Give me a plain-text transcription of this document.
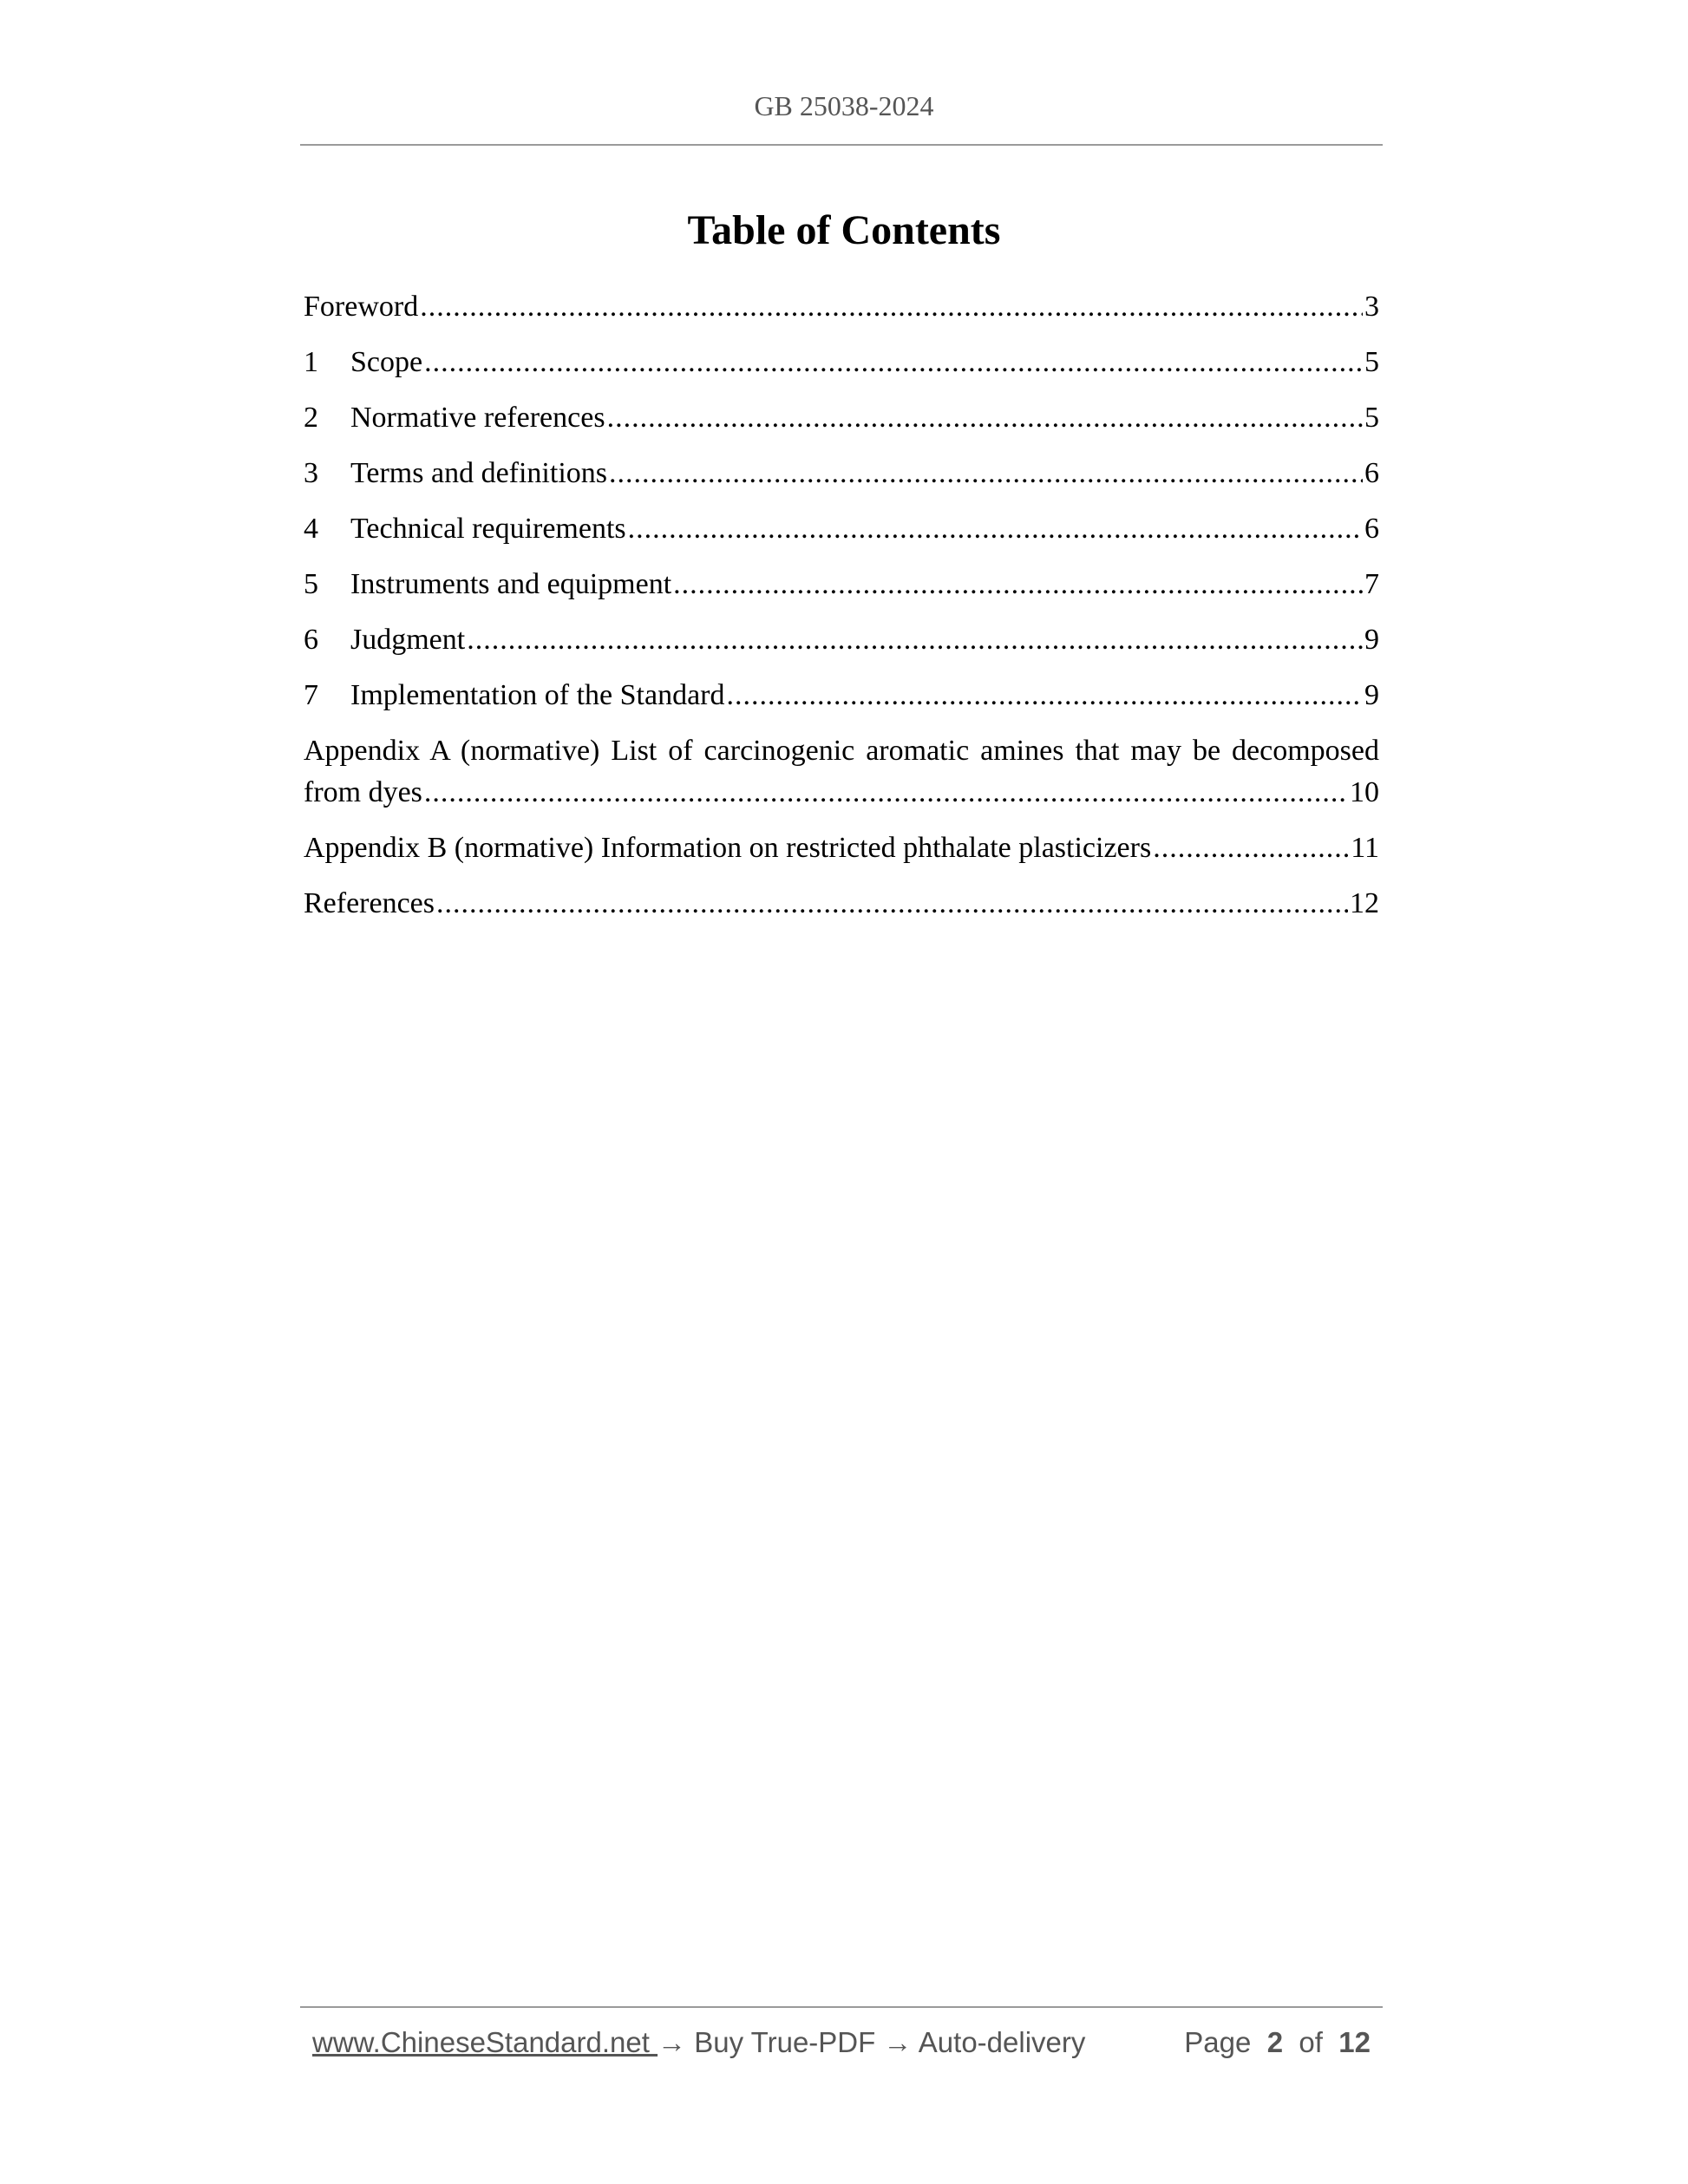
GB 25038-2024
Table of Contents
Foreword .....	3
1	Scope .....	5
2	Normative references .....	5
3	Terms and definitions .....	6
4	Technical requirements .....	6
5	Instruments and equipment .....	7
6	Judgment .....	9
7	Implementation of the Standard .....	9
Appendix A (normative) List of carcinogenic aromatic amines that may be decomposed
from dyes .....	10
Appendix B (normative) Information on restricted phthalate plasticizers .....	11
References .....	12
www.ChineseStandard.net → Buy True-PDF → Auto-delivery	Page 2 of 12
